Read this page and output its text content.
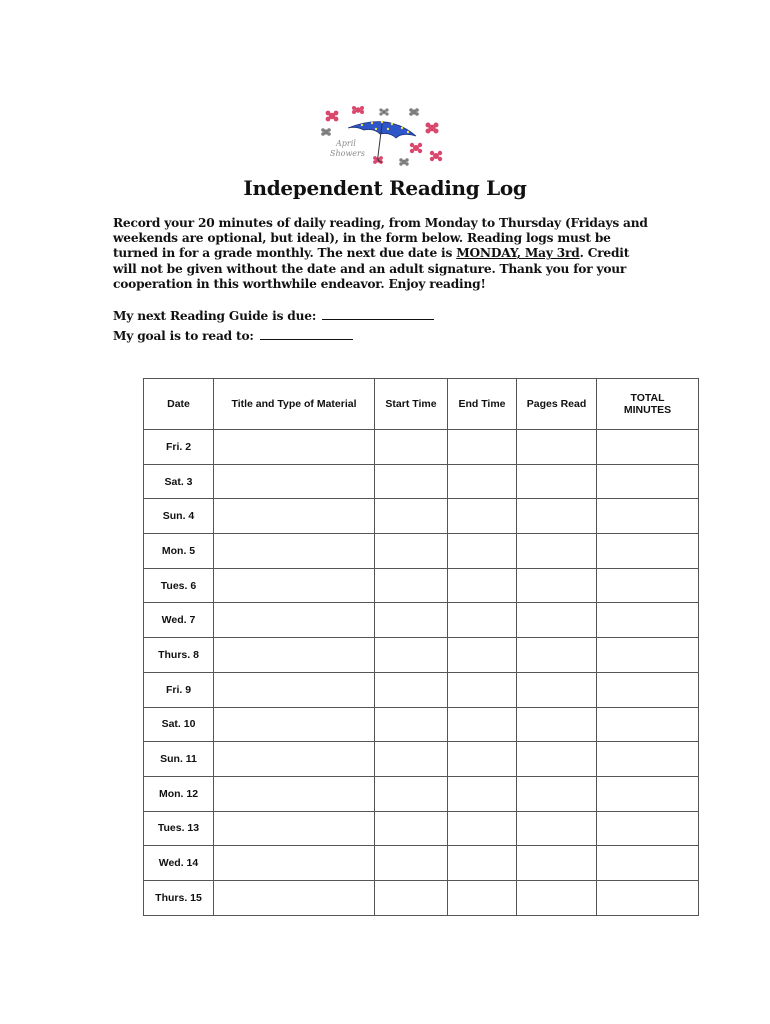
April
Showers
Independent Reading Log
Record your 20 minutes of daily reading, from Monday to Thursday (Fridays and weekends are optional, but ideal), in the form below. Reading logs must be turned in for a grade monthly. The next due date is MONDAY, May 3rd. Credit will not be given without the date and an adult signature. Thank you for your cooperation in this worthwhile endeavor. Enjoy reading!
My next Reading Guide is due:
My goal is to read to:
Date	Title and Type of Material	Start Time	End Time	Pages Read	TOTAL
MINUTES
Fri. 2					
Sat. 3					
Sun. 4					
Mon. 5					
Tues. 6					
Wed. 7					
Thurs. 8					
Fri. 9					
Sat. 10					
Sun. 11					
Mon. 12					
Tues. 13					
Wed. 14					
Thurs. 15					
